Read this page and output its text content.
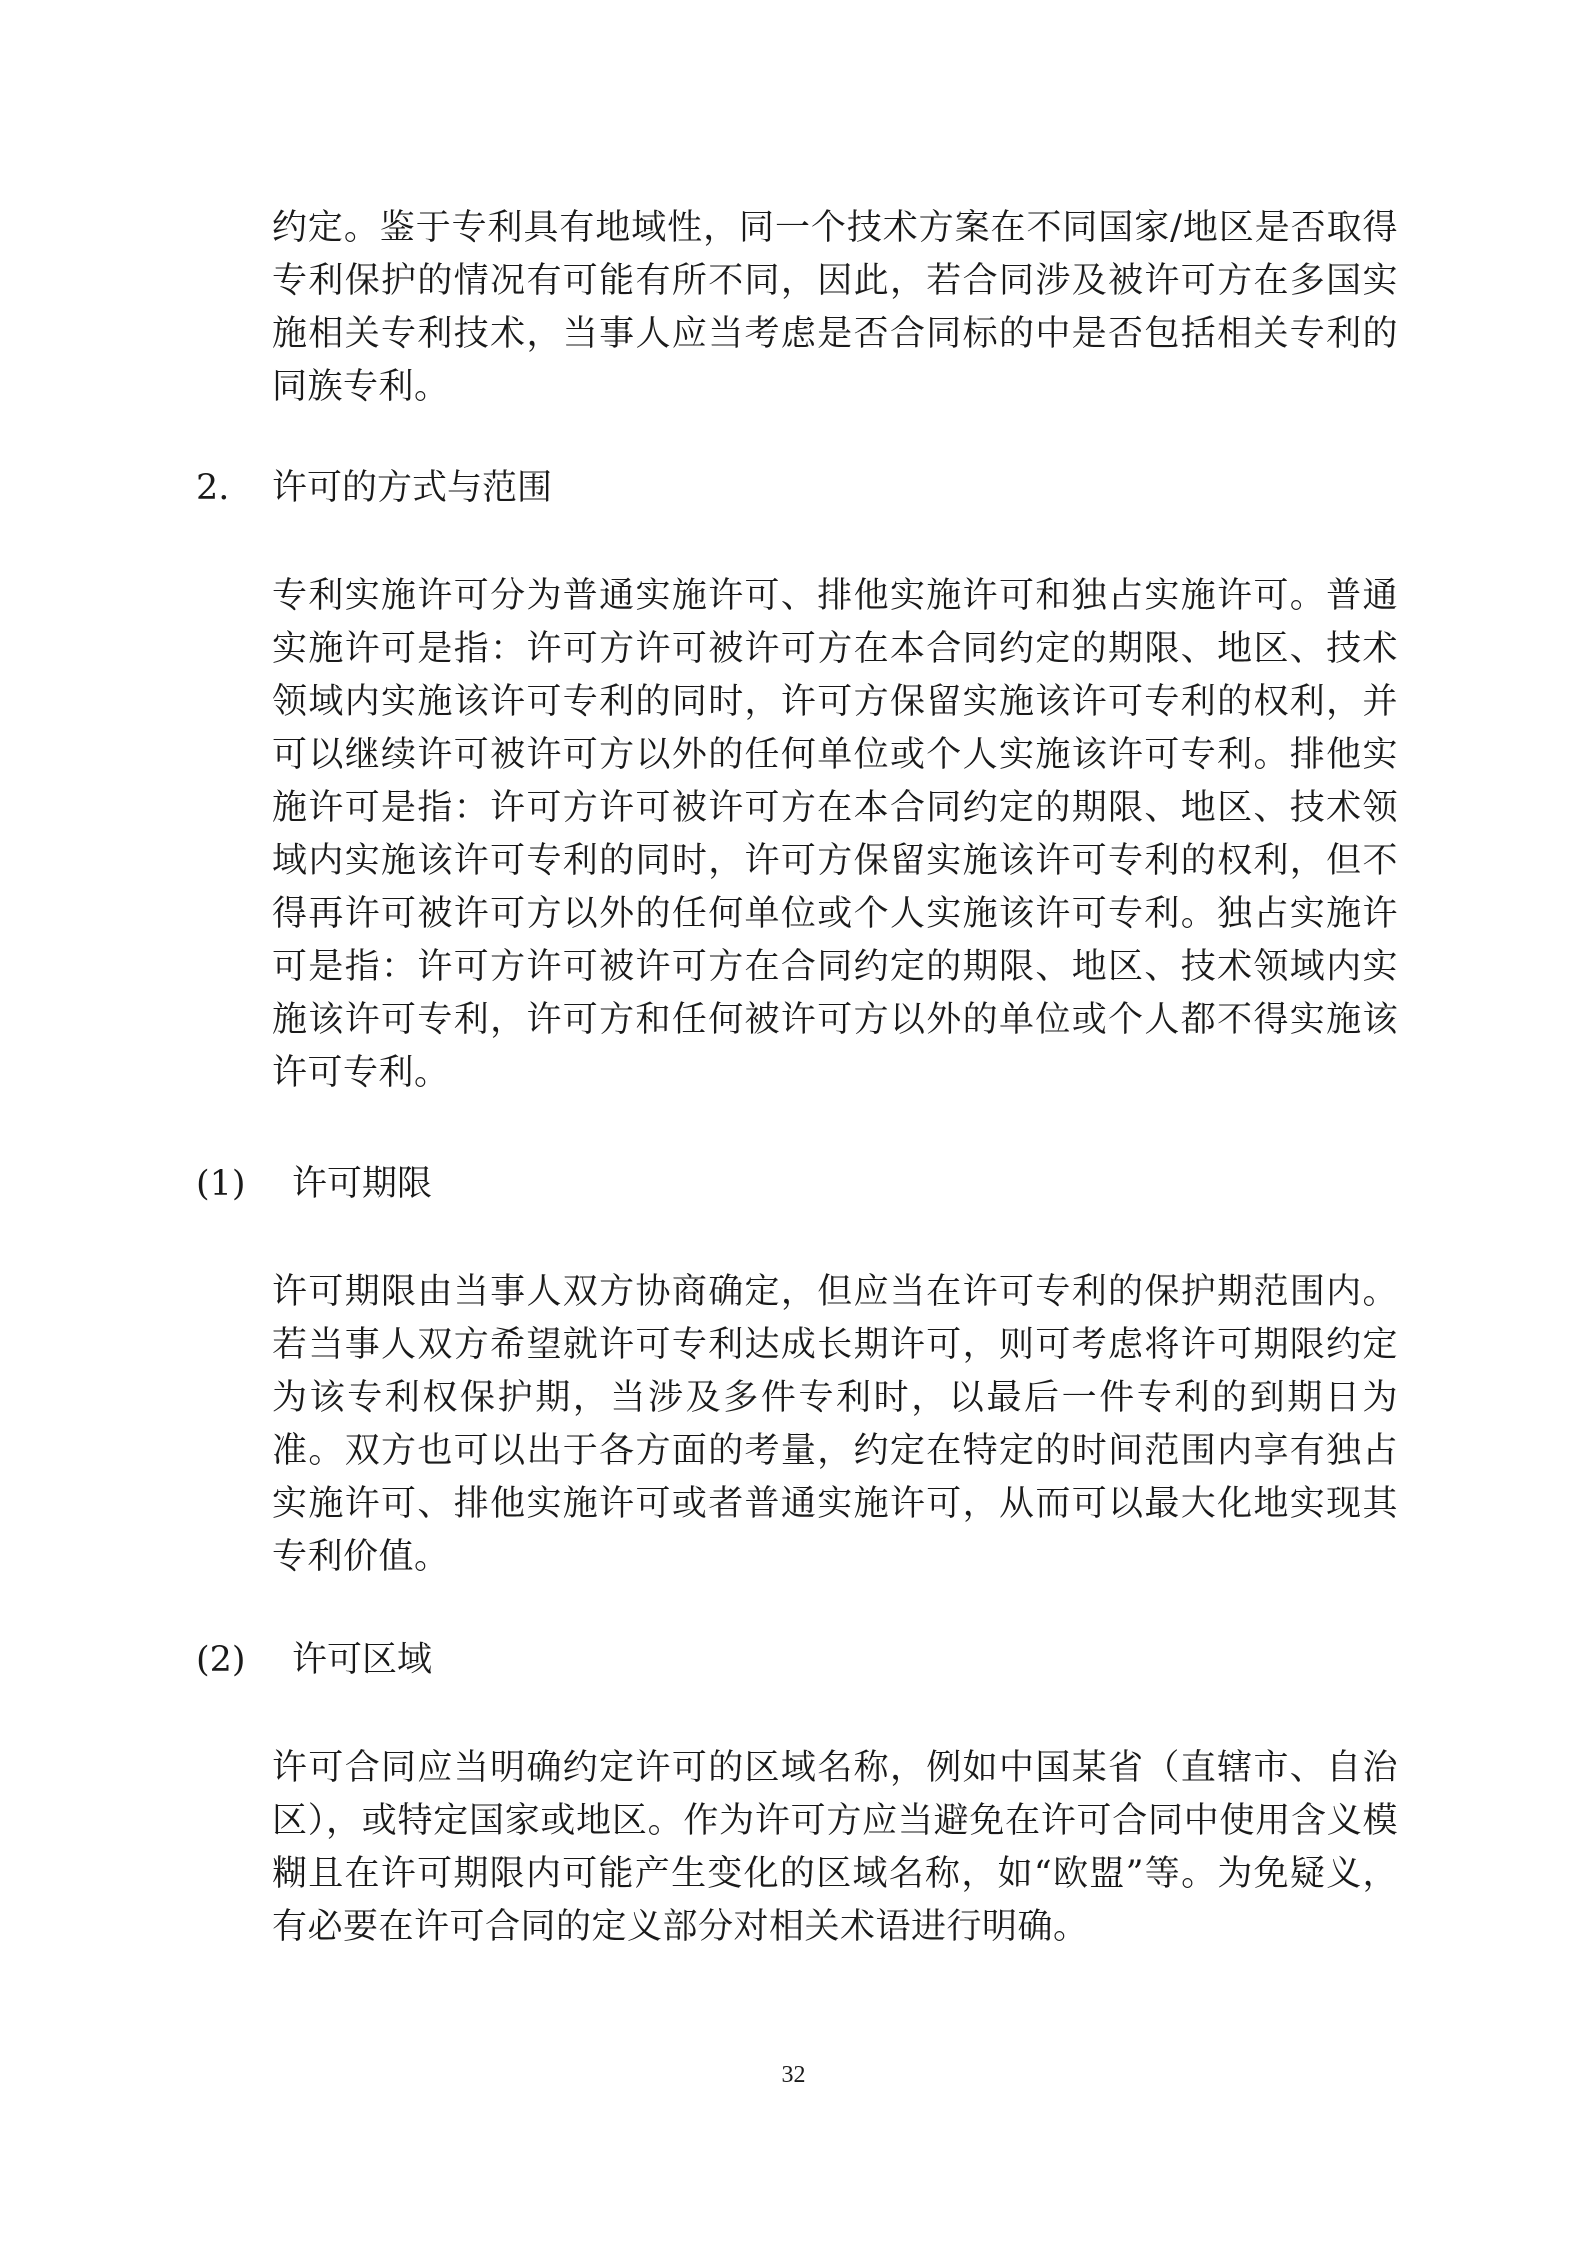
约定。鉴于专利具有地域性，同一个技术方案在不同国家/地区是否取得专利保护的情况有可能有所不同，因此，若合同涉及被许可方在多国实施相关专利技术，当事人应当考虑是否合同标的中是否包括相关专利的同族专利。

2. 许可的方式与范围

专利实施许可分为普通实施许可、排他实施许可和独占实施许可。普通实施许可是指：许可方许可被许可方在本合同约定的期限、地区、技术领域内实施该许可专利的同时，许可方保留实施该许可专利的权利，并可以继续许可被许可方以外的任何单位或个人实施该许可专利。排他实施许可是指：许可方许可被许可方在本合同约定的期限、地区、技术领域内实施该许可专利的同时，许可方保留实施该许可专利的权利，但不得再许可被许可方以外的任何单位或个人实施该许可专利。独占实施许可是指：许可方许可被许可方在合同约定的期限、地区、技术领域内实施该许可专利，许可方和任何被许可方以外的单位或个人都不得实施该许可专利。

(1) 许可期限

许可期限由当事人双方协商确定，但应当在许可专利的保护期范围内。若当事人双方希望就许可专利达成长期许可，则可考虑将许可期限约定为该专利权保护期，当涉及多件专利时，以最后一件专利的到期日为准。双方也可以出于各方面的考量，约定在特定的时间范围内享有独占实施许可、排他实施许可或者普通实施许可，从而可以最大化地实现其专利价值。

(2) 许可区域

许可合同应当明确约定许可的区域名称，例如中国某省（直辖市、自治区），或特定国家或地区。作为许可方应当避免在许可合同中使用含义模糊且在许可期限内可能产生变化的区域名称，如“欧盟”等。为免疑义，有必要在许可合同的定义部分对相关术语进行明确。

32
